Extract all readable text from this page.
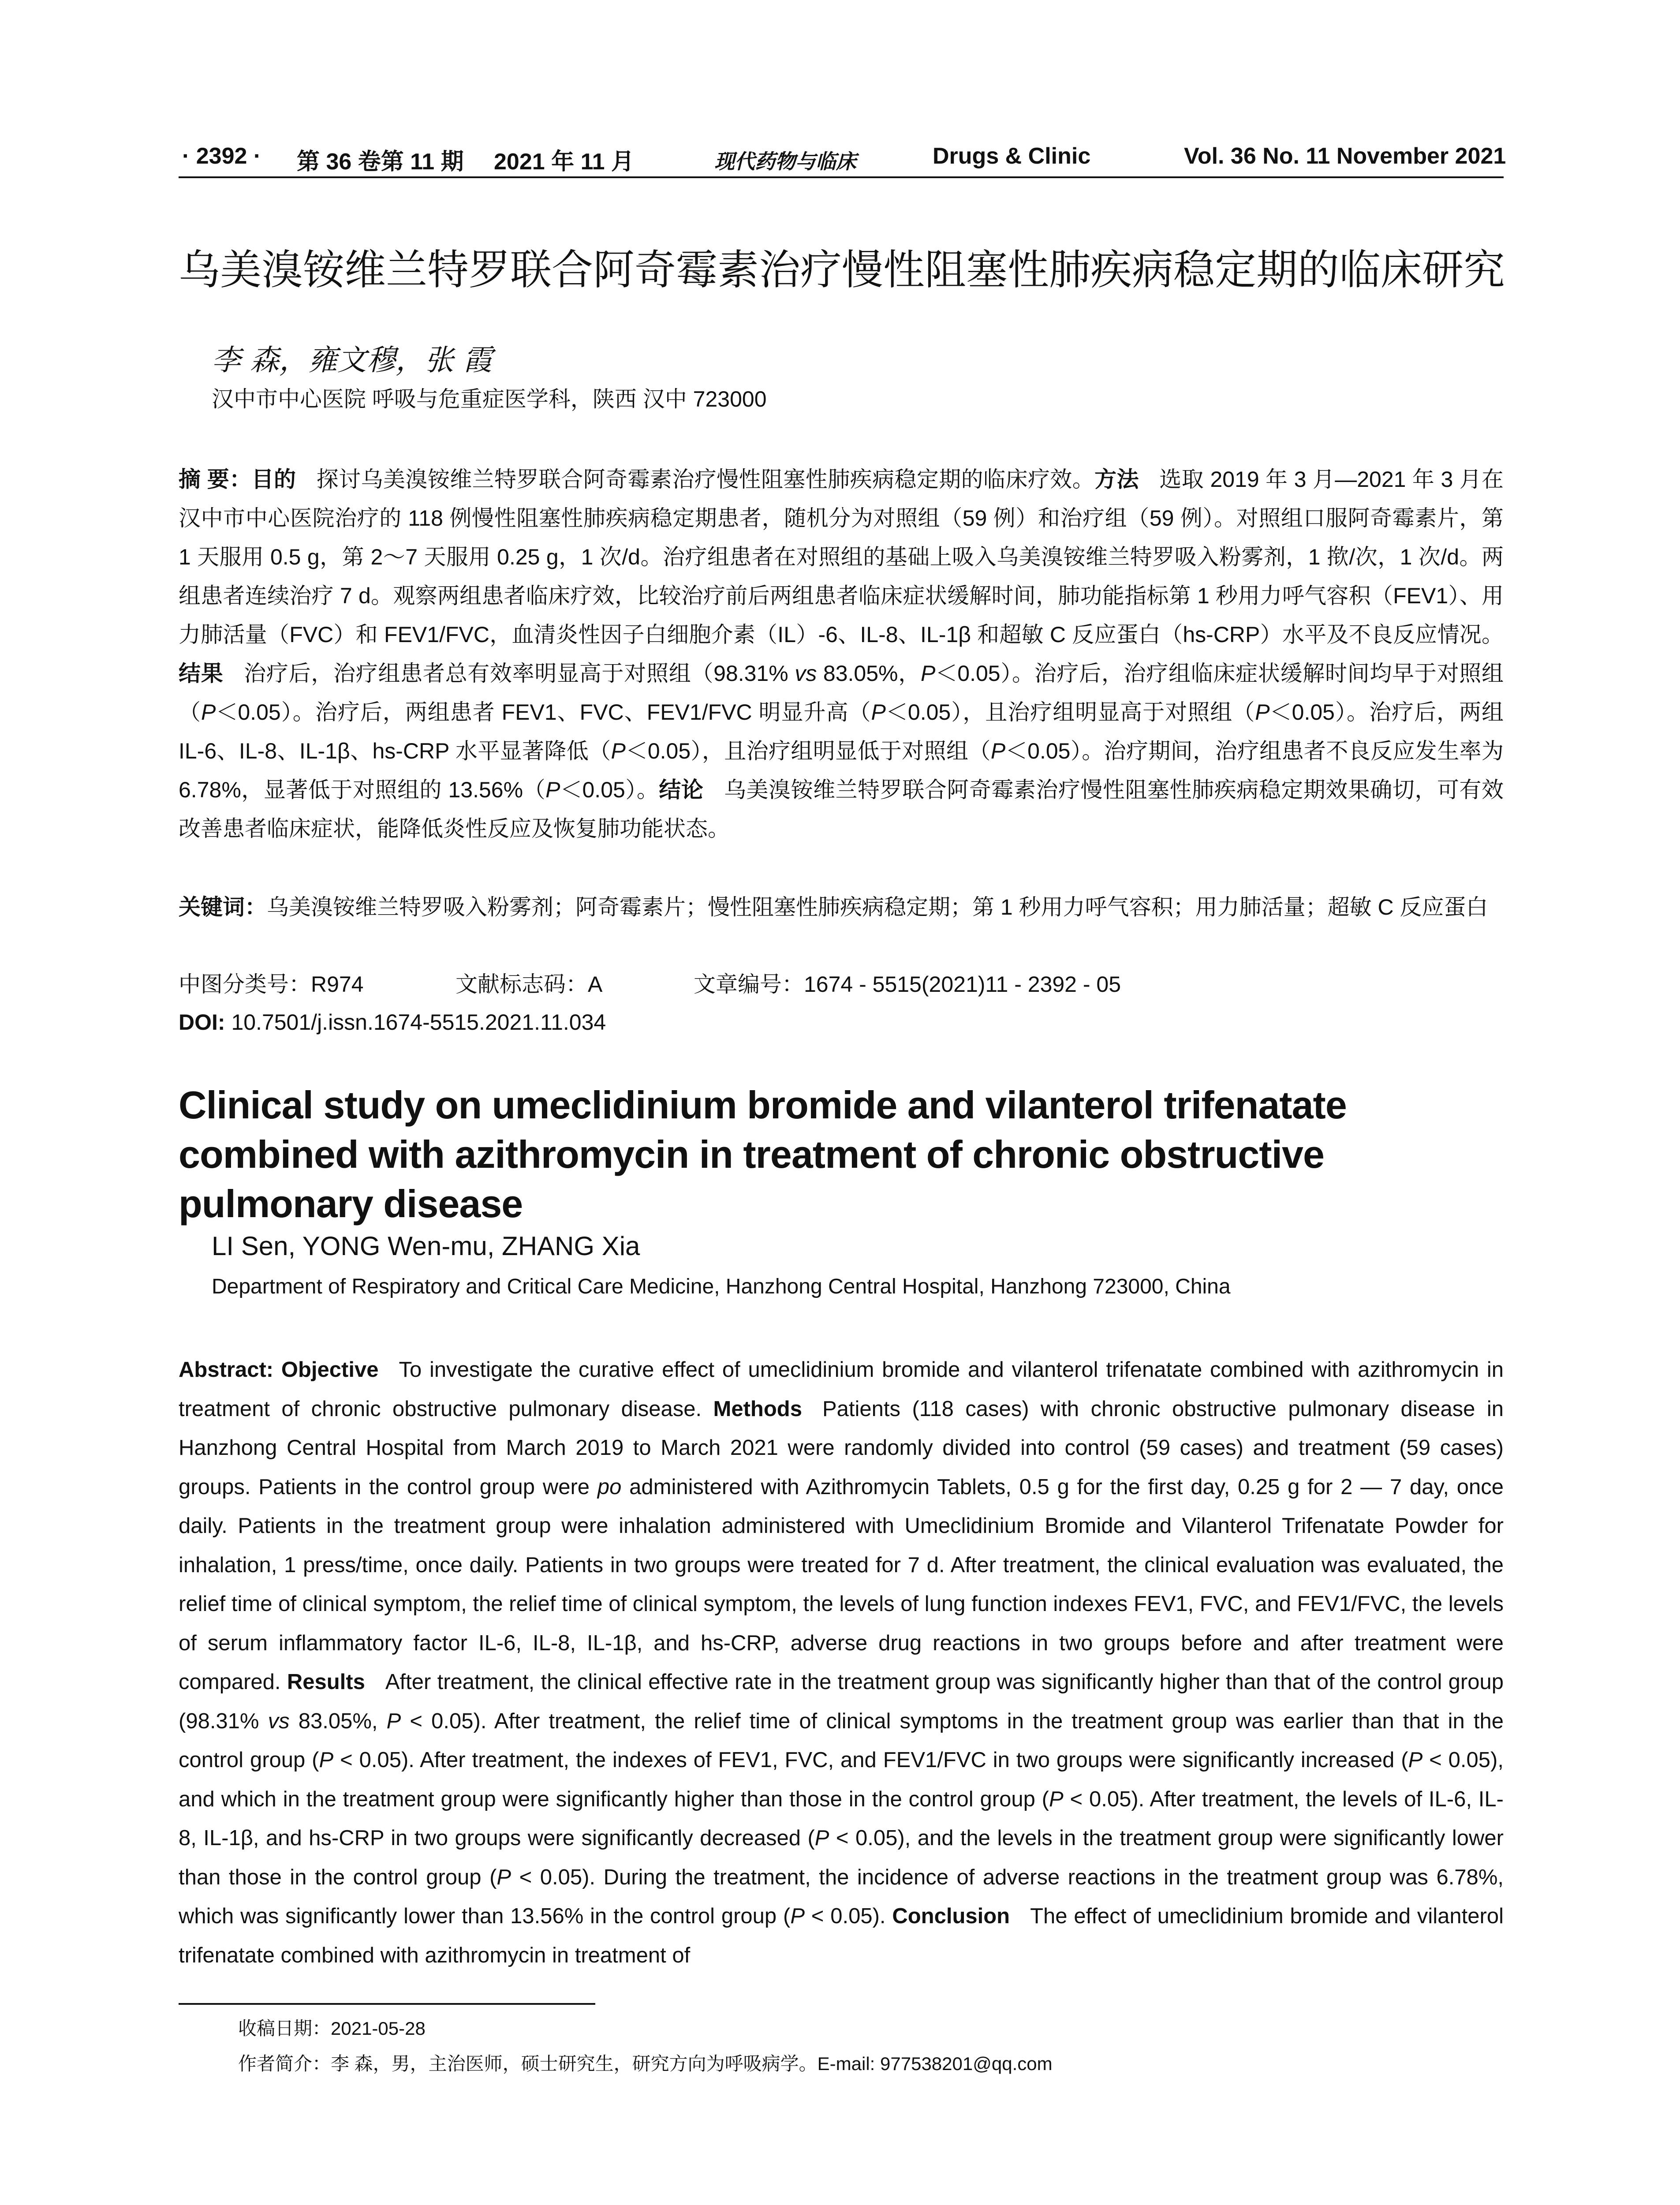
· 2392 · 第 36 卷第 11 期 2021 年 11 月	现代药物与临床	Drugs & Clinic	Vol. 36 No. 11 November 2021
乌美溴铵维兰特罗联合阿奇霉素治疗慢性阻塞性肺疾病稳定期的临床研究
李 森，雍文穆，张 霞
汉中市中心医院 呼吸与危重症医学科，陕西 汉中 723000
摘 要：目的 探讨乌美溴铵维兰特罗联合阿奇霉素治疗慢性阻塞性肺疾病稳定期的临床疗效。方法 选取 2019 年 3 月—2021 年 3 月在汉中市中心医院治疗的 118 例慢性阻塞性肺疾病稳定期患者，随机分为对照组（59 例）和治疗组（59 例）。对照组口服阿奇霉素片，第 1 天服用 0.5 g，第 2～7 天服用 0.25 g，1 次/d。治疗组患者在对照组的基础上吸入乌美溴铵维兰特罗吸入粉雾剂，1 揿/次，1 次/d。两组患者连续治疗 7 d。观察两组患者临床疗效，比较治疗前后两组患者临床症状缓解时间，肺功能指标第 1 秒用力呼气容积（FEV1）、用力肺活量（FVC）和 FEV1/FVC，血清炎性因子白细胞介素（IL）-6、IL-8、IL-1β 和超敏 C 反应蛋白（hs-CRP）水平及不良反应情况。结果 治疗后，治疗组患者总有效率明显高于对照组（98.31% vs 83.05%，P＜0.05）。治疗后，治疗组临床症状缓解时间均早于对照组（P＜0.05）。治疗后，两组患者 FEV1、FVC、FEV1/FVC 明显升高（P＜0.05），且治疗组明显高于对照组（P＜0.05）。治疗后，两组 IL-6、IL-8、IL-1β、hs-CRP 水平显著降低（P＜0.05），且治疗组明显低于对照组（P＜0.05）。治疗期间，治疗组患者不良反应发生率为 6.78%，显著低于对照组的 13.56%（P＜0.05）。结论 乌美溴铵维兰特罗联合阿奇霉素治疗慢性阻塞性肺疾病稳定期效果确切，可有效改善患者临床症状，能降低炎性反应及恢复肺功能状态。
关键词：乌美溴铵维兰特罗吸入粉雾剂；阿奇霉素片；慢性阻塞性肺疾病稳定期；第 1 秒用力呼气容积；用力肺活量；超敏 C 反应蛋白
中图分类号：R974	文献标志码：A	文章编号：1674 - 5515(2021)11 - 2392 - 05
DOI: 10.7501/j.issn.1674-5515.2021.11.034
Clinical study on umeclidinium bromide and vilanterol trifenatate combined with azithromycin in treatment of chronic obstructive pulmonary disease
LI Sen, YONG Wen-mu, ZHANG Xia
Department of Respiratory and Critical Care Medicine, Hanzhong Central Hospital, Hanzhong 723000, China
Abstract: Objective To investigate the curative effect of umeclidinium bromide and vilanterol trifenatate combined with azithromycin in treatment of chronic obstructive pulmonary disease. Methods Patients (118 cases) with chronic obstructive pulmonary disease in Hanzhong Central Hospital from March 2019 to March 2021 were randomly divided into control (59 cases) and treatment (59 cases) groups. Patients in the control group were po administered with Azithromycin Tablets, 0.5 g for the first day, 0.25 g for 2 — 7 day, once daily. Patients in the treatment group were inhalation administered with Umeclidinium Bromide and Vilanterol Trifenatate Powder for inhalation, 1 press/time, once daily. Patients in two groups were treated for 7 d. After treatment, the clinical evaluation was evaluated, the relief time of clinical symptom, the relief time of clinical symptom, the levels of lung function indexes FEV1, FVC, and FEV1/FVC, the levels of serum inflammatory factor IL-6, IL-8, IL-1β, and hs-CRP, adverse drug reactions in two groups before and after treatment were compared. Results After treatment, the clinical effective rate in the treatment group was significantly higher than that of the control group (98.31% vs 83.05%, P < 0.05). After treatment, the relief time of clinical symptoms in the treatment group was earlier than that in the control group (P < 0.05). After treatment, the indexes of FEV1, FVC, and FEV1/FVC in two groups were significantly increased (P < 0.05), and which in the treatment group were significantly higher than those in the control group (P < 0.05). After treatment, the levels of IL-6, IL-8, IL-1β, and hs-CRP in two groups were significantly decreased (P < 0.05), and the levels in the treatment group were significantly lower than those in the control group (P < 0.05). During the treatment, the incidence of adverse reactions in the treatment group was 6.78%, which was significantly lower than 13.56% in the control group (P < 0.05). Conclusion The effect of umeclidinium bromide and vilanterol trifenatate combined with azithromycin in treatment of
收稿日期：2021-05-28
作者简介：李 森，男，主治医师，硕士研究生，研究方向为呼吸病学。E-mail: 977538201@qq.com
